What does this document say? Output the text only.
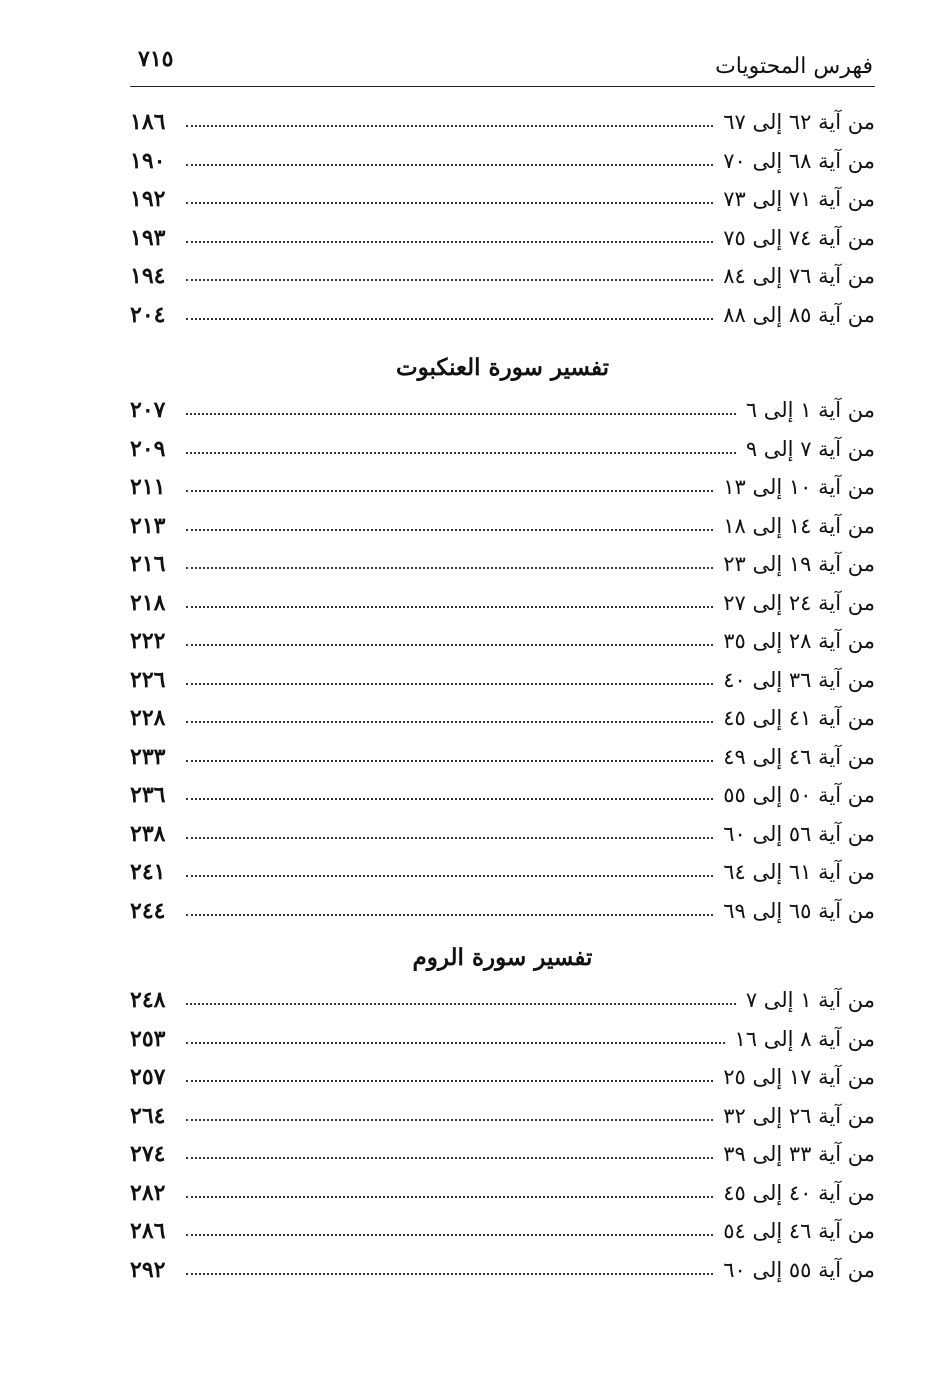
فهرس المحتويات
٧١٥
من آية ٦٢ إلى ٦٧
١٨٦
من آية ٦٨ إلى ٧٠
١٩٠
من آية ٧١ إلى ٧٣
١٩٢
من آية ٧٤ إلى ٧٥
١٩٣
من آية ٧٦ إلى ٨٤
١٩٤
من آية ٨٥ إلى ٨٨
٢٠٤
تفسير سورة العنكبوت
من آية ١ إلى ٦
٢٠٧
من آية ٧ إلى ٩
٢٠٩
من آية ١٠ إلى ١٣
٢١١
من آية ١٤ إلى ١٨
٢١٣
من آية ١٩ إلى ٢٣
٢١٦
من آية ٢٤ إلى ٢٧
٢١٨
من آية ٢٨ إلى ٣٥
٢٢٢
من آية ٣٦ إلى ٤٠
٢٢٦
من آية ٤١ إلى ٤٥
٢٢٨
من آية ٤٦ إلى ٤٩
٢٣٣
من آية ٥٠ إلى ٥٥
٢٣٦
من آية ٥٦ إلى ٦٠
٢٣٨
من آية ٦١ إلى ٦٤
٢٤١
من آية ٦٥ إلى ٦٩
٢٤٤
تفسير سورة الروم
من آية ١ إلى ٧
٢٤٨
من آية ٨ إلى ١٦
٢٥٣
من آية ١٧ إلى ٢٥
٢٥٧
من آية ٢٦ إلى ٣٢
٢٦٤
من آية ٣٣ إلى ٣٩
٢٧٤
من آية ٤٠ إلى ٤٥
٢٨٢
من آية ٤٦ إلى ٥٤
٢٨٦
من آية ٥٥ إلى ٦٠
٢٩٢
